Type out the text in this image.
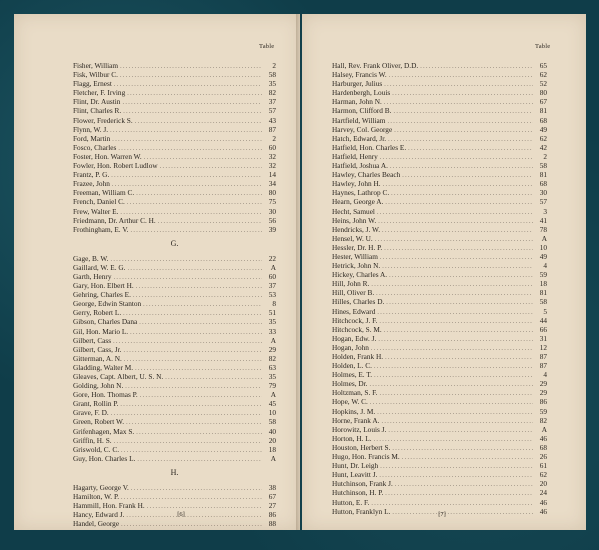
Table
Fisher, William .....	2
Fisk, Wilbur C. .....	58
Flagg, Ernest .....	35
Fletcher, F. Irving .....	82
Flint, Dr. Austin .....	37
Flint, Charles R. .....	57
Flower, Frederick S. .....	43
Flynn, W. J. .....	87
Ford, Martin .....	2
Fosco, Charles .....	60
Foster, Hon. Warren W. .....	32
Fowler, Hon. Robert Ludlow .....	32
Frantz, P. G. .....	14
Frazee, John .....	34
Freeman, William C. .....	80
French, Daniel C. .....	75
Frew, Walter E. .....	30
Friedmann, Dr. Arthur C. H. .....	56
Frothingham, E. V. .....	39
G.
Gage, B. W. .....	22
Gaillard, W. E. G. .....	A
Garth, Henry .....	60
Gary, Hon. Elbert H. .....	37
Gehring, Charles E. .....	53
George, Edwin Stanton .....	8
Gerry, Robert L. .....	51
Gibson, Charles Dana .....	35
Gil, Hon. Mario L. .....	33
Gilbert, Cass .....	A
Gilbert, Cass, Jr. .....	29
Gitterman, A. N. .....	82
Gladding, Walter M. .....	63
Gleaves, Capt. Albert, U. S. N. .....	35
Golding, John N. .....	79
Gore, Hon. Thomas P. .....	A
Grant, Rollin P. .....	45
Grave, F. D. .....	10
Green, Robert W. .....	58
Grifenhagen, Max S. .....	40
Griffin, H. S. .....	20
Griswold, C. C. .....	18
Guy, Hon. Charles L. .....	A
H.
Hagarty, George V. .....	38
Hamilton, W. P. .....	67
Hammill, Hon. Frank H. .....	27
Hancy, Edward J. .....	86
Handel, George .....	88
[6]
Table
Hall, Rev. Frank Oliver, D.D. .....	65
Halsey, Francis W. .....	62
Harburger, Julius .....	52
Hardenbergh, Louis .....	80
Harman, John N. .....	67
Harmon, Clifford B. .....	81
Hartfield, William .....	68
Harvey, Col. George .....	49
Hatch, Edward, Jr. .....	62
Hatfield, Hon. Charles E. .....	42
Hatfield, Henry .....	2
Hatfield, Joshua A. .....	58
Hawley, Charles Beach .....	81
Hawley, John H. .....	68
Haynes, Lathrop C. .....	30
Hearn, George A. .....	57
Hecht, Samuel .....	3
Heins, John W. .....	41
Hendricks, J. W. .....	78
Hensel, W. U. .....	A
Hessler, Dr. H. P. .....	10
Hester, William .....	49
Hetrick, John N. .....	4
Hickey, Charles A. .....	59
Hill, John R. .....	18
Hill, Oliver B. .....	81
Hilles, Charles D. .....	58
Hines, Edward .....	5
Hitchcock, J. F. .....	44
Hitchcock, S. M. .....	66
Hogan, Edw. J. .....	31
Hogan, John .....	12
Holden, Frank H. .....	87
Holden, L. C. .....	87
Holmes, E. T. .....	4
Holmes, Dr. .....	29
Holtzman, S. F. .....	29
Hope, W. C. .....	86
Hopkins, J. M. .....	59
Horne, Frank A. .....	82
Horowitz, Louis J. .....	A
Horton, H. L. .....	46
Houston, Herbert S. .....	68
Hugo, Hon. Francis M. .....	26
Hunt, Dr. Leigh .....	61
Hunt, Leavitt J. .....	62
Hutchinson, Frank J. .....	20
Hutchinson, H. P. .....	24
Hutton, E. F. .....	46
Hutton, Franklyn L. .....	46
[7]
